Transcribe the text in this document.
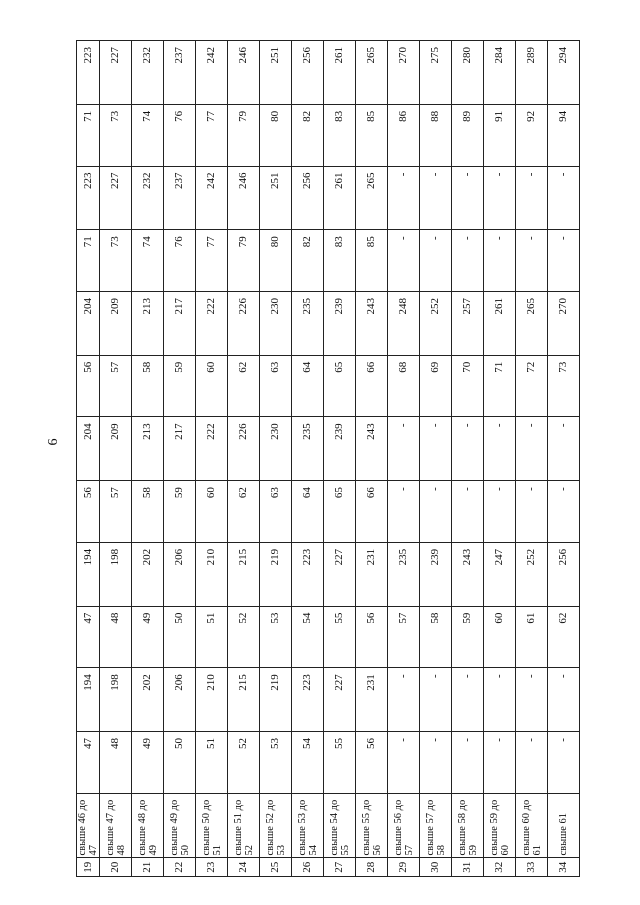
6
19	свыше 46 до 47	47	194	47	194	56	204	56	204	71	223	71	223
20	свыше 47 до 48	48	198	48	198	57	209	57	209	73	227	73	227
21	свыше 48 до 49	49	202	49	202	58	213	58	213	74	232	74	232
22	свыше 49 до 50	50	206	50	206	59	217	59	217	76	237	76	237
23	свыше 50 до 51	51	210	51	210	60	222	60	222	77	242	77	242
24	свыше 51 до 52	52	215	52	215	62	226	62	226	79	246	79	246
25	свыше 52 до 53	53	219	53	219	63	230	63	230	80	251	80	251
26	свыше 53 до 54	54	223	54	223	64	235	64	235	82	256	82	256
27	свыше 54 до 55	55	227	55	227	65	239	65	239	83	261	83	261
28	свыше 55 до 56	56	231	56	231	66	243	66	243	85	265	85	265
29	свыше 56 до 57	-	-	57	235	-	-	68	248	-	-	86	270
30	свыше 57 до 58	-	-	58	239	-	-	69	252	-	-	88	275
31	свыше 58 до 59	-	-	59	243	-	-	70	257	-	-	89	280
32	свыше 59 до 60	-	-	60	247	-	-	71	261	-	-	91	284
33	свыше 60 до 61	-	-	61	252	-	-	72	265	-	-	92	289
34	свыше 61	-	-	62	256	-	-	73	270	-	-	94	294
